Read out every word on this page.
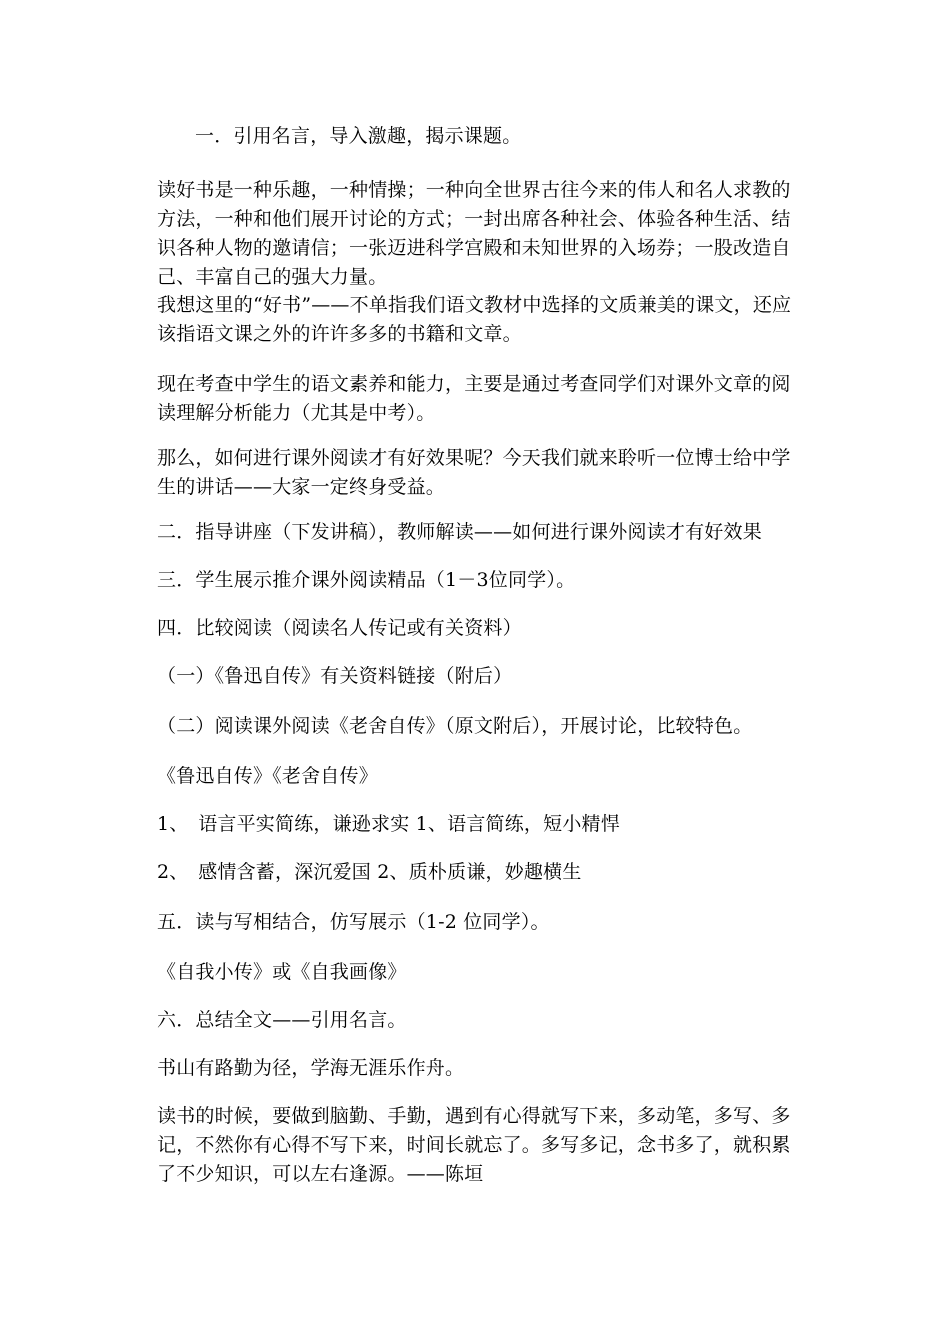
一．引用名言，导入激趣，揭示课题。

读好书是一种乐趣，一种情操；一种向全世界古往今来的伟人和名人求教的方法，一种和他们展开讨论的方式；一封出席各种社会、体验各种生活、结识各种人物的邀请信；一张迈进科学宫殿和未知世界的入场券；一股改造自己、丰富自己的强大力量。

我想这里的“好书”——不单指我们语文教材中选择的文质兼美的课文，还应该指语文课之外的许许多多的书籍和文章。

现在考查中学生的语文素养和能力，主要是通过考查同学们对课外文章的阅读理解分析能力（尤其是中考）。

那么，如何进行课外阅读才有好效果呢？今天我们就来聆听一位博士给中学生的讲话——大家一定终身受益。

二．指导讲座（下发讲稿），教师解读——如何进行课外阅读才有好效果

三．学生展示推介课外阅读精品（1－3位同学）。

四．比较阅读（阅读名人传记或有关资料）

（一）《鲁迅自传》有关资料链接（附后）

（二）阅读课外阅读《老舍自传》（原文附后），开展讨论，比较特色。

《鲁迅自传》《老舍自传》

1、　语言平实简练，谦逊求实 1、语言简练，短小精悍

2、　感情含蓄，深沉爱国 2、质朴质谦，妙趣横生

五．读与写相结合，仿写展示（1-2 位同学）。

《自我小传》或《自我画像》

六．总结全文——引用名言。

书山有路勤为径，学海无涯乐作舟。

读书的时候，要做到脑勤、手勤，遇到有心得就写下来，多动笔，多写、多记，不然你有心得不写下来，时间长就忘了。多写多记，念书多了，就积累了不少知识，可以左右逢源。——陈垣
